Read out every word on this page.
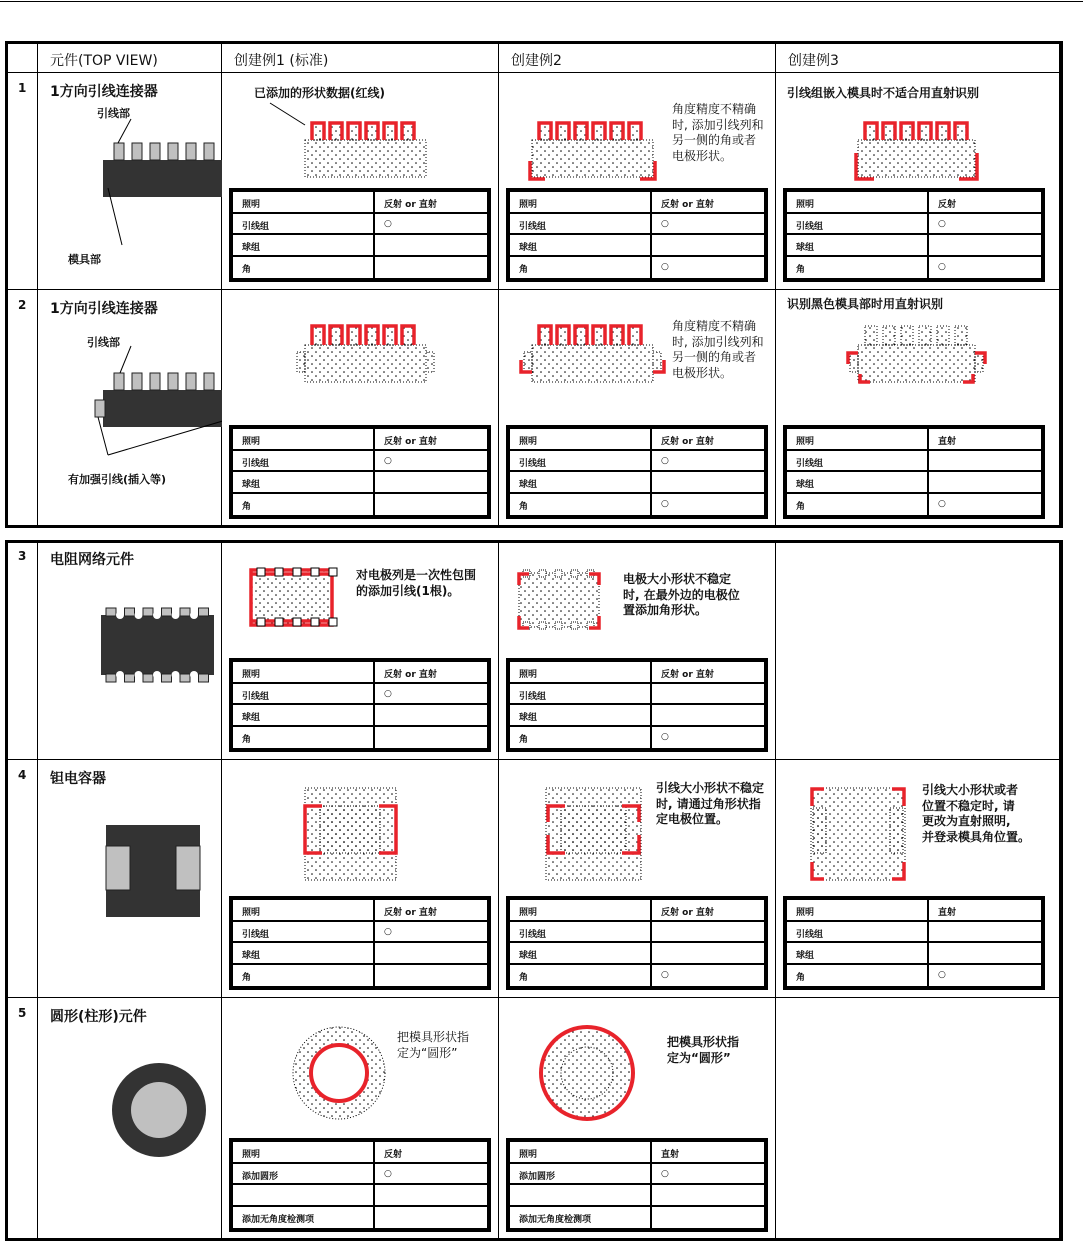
元件(TOP VIEW)	创建例1 (标准)	创建例2	创建例3
1	1方向引线连接器
引线部
模具部
已添加的形状数据(红线)
照明	反射 or 直射
引线组	○
球组
角
角度精度不精确
时, 添加引线列和
另一侧的角或者
电极形状。
照明	反射 or 直射
引线组	○
球组
角	○
引线组嵌入模具时不适合用直射识别
照明	反射
引线组	○
球组
角	○
2	1方向引线连接器
引线部
有加强引线(插入等)
照明	反射 or 直射
引线组	○
球组
角
角度精度不精确
时, 添加引线列和
另一侧的角或者
电极形状。
照明	反射 or 直射
引线组	○
球组
角	○
识别黑色模具部时用直射识别
照明	直射
引线组
球组
角	○
3	电阻网络元件
对电极列是一次性包围
的添加引线(1根)。
照明	反射 or 直射
引线组	○
球组
角
电极大小形状不稳定
时, 在最外边的电极位
置添加角形状。
照明	反射 or 直射
引线组
球组
角	○
4	钽电容器
照明	反射 or 直射
引线组	○
球组
角
引线大小形状不稳定
时, 请通过角形状指
定电极位置。
照明	反射 or 直射
引线组
球组
角	○
引线大小形状或者
位置不稳定时, 请
更改为直射照明,
并登录模具角位置。
照明	直射
引线组
球组
角	○
5	圆形(柱形)元件
把模具形状指
定为“圆形”
照明	反射
添加圆形	○
添加无角度检测项
把模具形状指
定为“圆形”
照明	直射
添加圆形	○
添加无角度检测项
